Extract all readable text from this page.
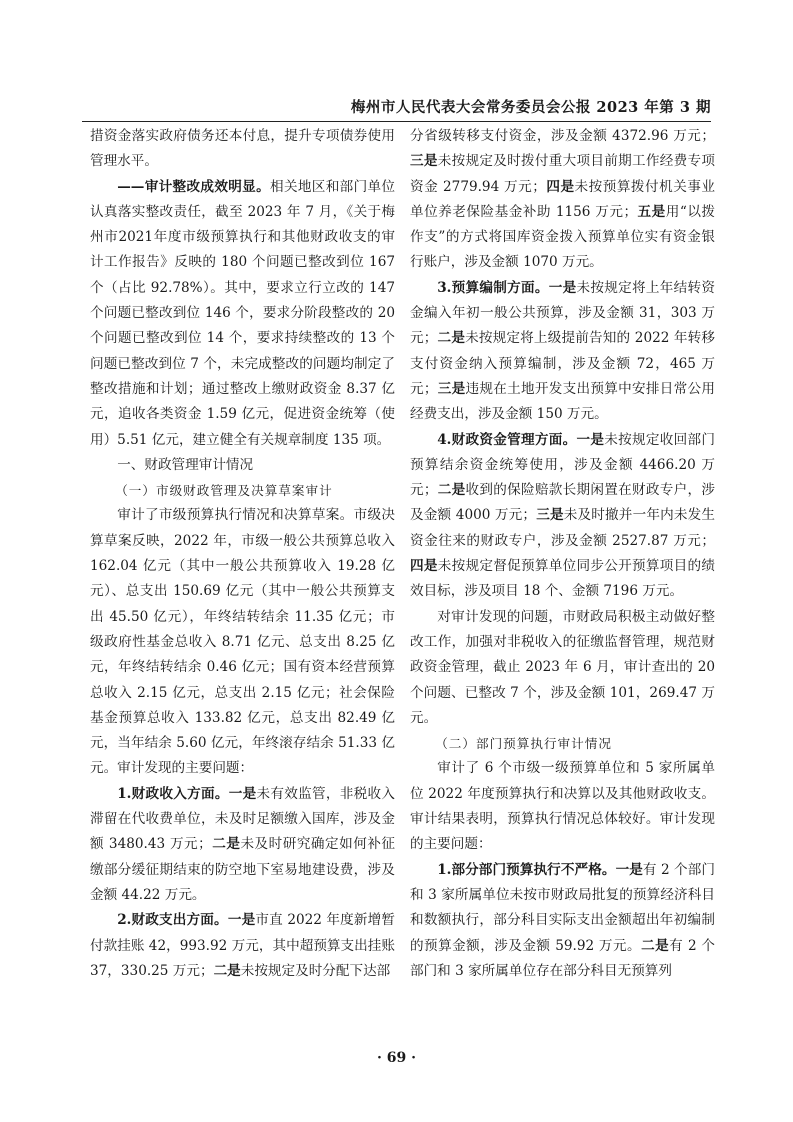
梅州市人民代表大会常务委员会公报 2023 年第 3 期

措资金落实政府债务还本付息，提升专项债券使用管理水平。

——审计整改成效明显。相关地区和部门单位认真落实整改责任，截至 2023 年 7 月，《关于梅州市2021年度市级预算执行和其他财政收支的审计工作报告》反映的 180 个问题已整改到位 167 个（占比 92.78%）。其中，要求立行立改的 147 个问题已整改到位 146 个，要求分阶段整改的 20 个问题已整改到位 14 个，要求持续整改的 13 个问题已整改到位 7 个，未完成整改的问题均制定了整改措施和计划；通过整改上缴财政资金 8.37 亿元，追收各类资金 1.59 亿元，促进资金统筹（使用）5.51 亿元，建立健全有关规章制度 135 项。

一、财政管理审计情况

（一）市级财政管理及决算草案审计

审计了市级预算执行情况和决算草案。市级决算草案反映，2022 年，市级一般公共预算总收入 162.04 亿元（其中一般公共预算收入 19.28 亿元）、总支出 150.69 亿元（其中一般公共预算支出 45.50 亿元），年终结转结余 11.35 亿元；市级政府性基金总收入 8.71 亿元、总支出 8.25 亿元，年终结转结余 0.46 亿元；国有资本经营预算总收入 2.15 亿元，总支出 2.15 亿元；社会保险基金预算总收入 133.82 亿元，总支出 82.49 亿元，当年结余 5.60 亿元，年终滚存结余 51.33 亿元。审计发现的主要问题：

1.财政收入方面。一是未有效监管，非税收入滞留在代收费单位，未及时足额缴入国库，涉及金额 3480.43 万元；二是未及时研究确定如何补征缴部分缓征期结束的防空地下室易地建设费，涉及金额 44.22 万元。

2.财政支出方面。一是市直 2022 年度新增暂付款挂账 42，993.92 万元，其中超预算支出挂账 37，330.25 万元；二是未按规定及时分配下达部

分省级转移支付资金，涉及金额 4372.96 万元；三是未按规定及时拨付重大项目前期工作经费专项资金 2779.94 万元；四是未按预算拨付机关事业单位养老保险基金补助 1156 万元；五是用“以拨作支”的方式将国库资金拨入预算单位实有资金银行账户，涉及金额 1070 万元。

3.预算编制方面。一是未按规定将上年结转资金编入年初一般公共预算，涉及金额 31，303 万元；二是未按规定将上级提前告知的 2022 年转移支付资金纳入预算编制，涉及金额 72，465 万元；三是违规在土地开发支出预算中安排日常公用经费支出，涉及金额 150 万元。

4.财政资金管理方面。一是未按规定收回部门预算结余资金统筹使用，涉及金额 4466.20 万元；二是收到的保险赔款长期闲置在财政专户，涉及金额 4000 万元；三是未及时撤并一年内未发生资金往来的财政专户，涉及金额 2527.87 万元；四是未按规定督促预算单位同步公开预算项目的绩效目标，涉及项目 18 个、金额 7196 万元。

对审计发现的问题，市财政局积极主动做好整改工作，加强对非税收入的征缴监督管理，规范财政资金管理，截止 2023 年 6 月，审计查出的 20 个问题、已整改 7 个，涉及金额 101，269.47 万元。

（二）部门预算执行审计情况

审计了 6 个市级一级预算单位和 5 家所属单位 2022 年度预算执行和决算以及其他财政收支。审计结果表明，预算执行情况总体较好。审计发现的主要问题：

1.部分部门预算执行不严格。一是有 2 个部门和 3 家所属单位未按市财政局批复的预算经济科目和数额执行，部分科目实际支出金额超出年初编制的预算金额，涉及金额 59.92 万元。二是有 2 个部门和 3 家所属单位存在部分科目无预算列

· 69 ·
